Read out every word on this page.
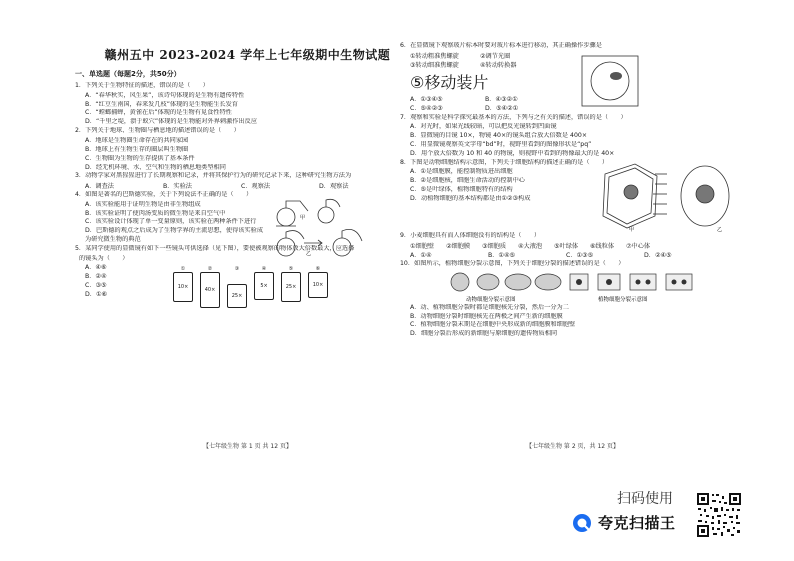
赣州五中 2023-2024 学年上七年级期中生物试题
一、单选题（每题2分，共50分）
1．下列关于生物特征的描述，错误的是（　　）
A．“春华秋实，风生果”，该诗句体现的是生物有遗传特性
B．“红豆生南国，春来发几枝”体现的是生物能生长发育
C．“螳螂捕蝉，黄雀在后”体现的是生物有觅食性特性
D．“千里之堤，溃于蚁穴”体现的是生物能对外界刺激作出反应
2．下列关于地球、生物圈与栖息地的描述错误的是（　　）
A．地球是生物圈生命存在的共同家园
B．地球上有生物生存的圈层叫生物圈
C．生物圈为生物的生存提供了基本条件
D．经无机环境、水、空气和生物的栖息地类型相同
3．动物学家对黑猩猩进行了长期观察和记录，并将其保护行为的研究记录下来，这种研究生物方法为
A．调查法	B．实验法	C．观察法	D．观察法
4．如图是著名的巴斯德实验，关于下列说法不正确的是（　　）
A．该实验能用于证明生物是由非生物组成
B．该实验证明了使肉汤变质的微生物是来自空气中
C．该实验设计体现了单一变量原则，该实验在两种条件下进行
D．巴斯德的观点之后成为了生物学界的主流思想，使得该实验成为研究微生物的典范
甲
乙
5．某同学使用的显微镜有如下一些镜头可供选择（见下图），要使被观察的物体放大倍数最大，应选择
的镜头为（　　）
A．④⑥
B．②④
C．③⑤
D．①⑥
①
10×
②
40×
③
25×
④
5×
⑤
25×
⑥
10×
【七年级生物 第 1 页 共 12 页】
6．在显微镜下观察玻片标本时要对玻片标本进行移动，其正确操作步骤是
①转动粗准焦螺旋	②调节光圈
③转动细准焦螺旋	④转动转换器
⑤移动装片
A．①③④⑤	B．④③②①
C．⑤④②③	D．⑤④②①
7．观察和实验是科学探究最基本的方法，下列与之有关的描述，错误的是（　　）
A．对光时，如果光线较暗，可以把反光镜转到凹面镜
B．显微镜的目镜 10×，物镜 40×的镜头组合放大倍数是 400×
C．用显微镜观察英文字母“bd”时，视野里看到的图像形状是“pq”
D．用个放大倍数为 10 和 40 的物镜，则视野中看到的物像最大的是 40×
8．下图是动物细胞结构示意图，下列关于细胞结构的描述正确的是（　　）
A．①是细胞膜，能控制物质进出细胞
B．②是细胞核，细胞生命活动的控制中心
C．⑤是叶绿体，植物细胞特有的结构
D．动植物细胞的基本结构都是由①②③构成
甲	乙
9．小麦细胞具有而人体细胞没有的结构是（　　）
①细胞壁	②细胞膜	③细胞质	④大液泡	⑤叶绿体	⑥线粒体	⑦中心体
A．①④	B．①④⑤	C．①③⑤	D．②④⑤
10．如图所示，植物细胞分裂示意图，下列关于细胞分裂的描述错误的是（　　）
动物细胞分裂示意图	植物细胞分裂示意图
A．动、植物细胞分裂时都是细胞核先分裂，然后一分为二
B．动物细胞分裂时细胞核先在两极之间产生新的细胞膜
C．植物细胞分裂末期是在细胞中央形成新的细胞膜和细胞壁
D．细胞分裂后形成的新细胞与原细胞的遗传物质相同
【七年级生物 第 2 页，共 12 页】
扫码使用
夸克扫描王
